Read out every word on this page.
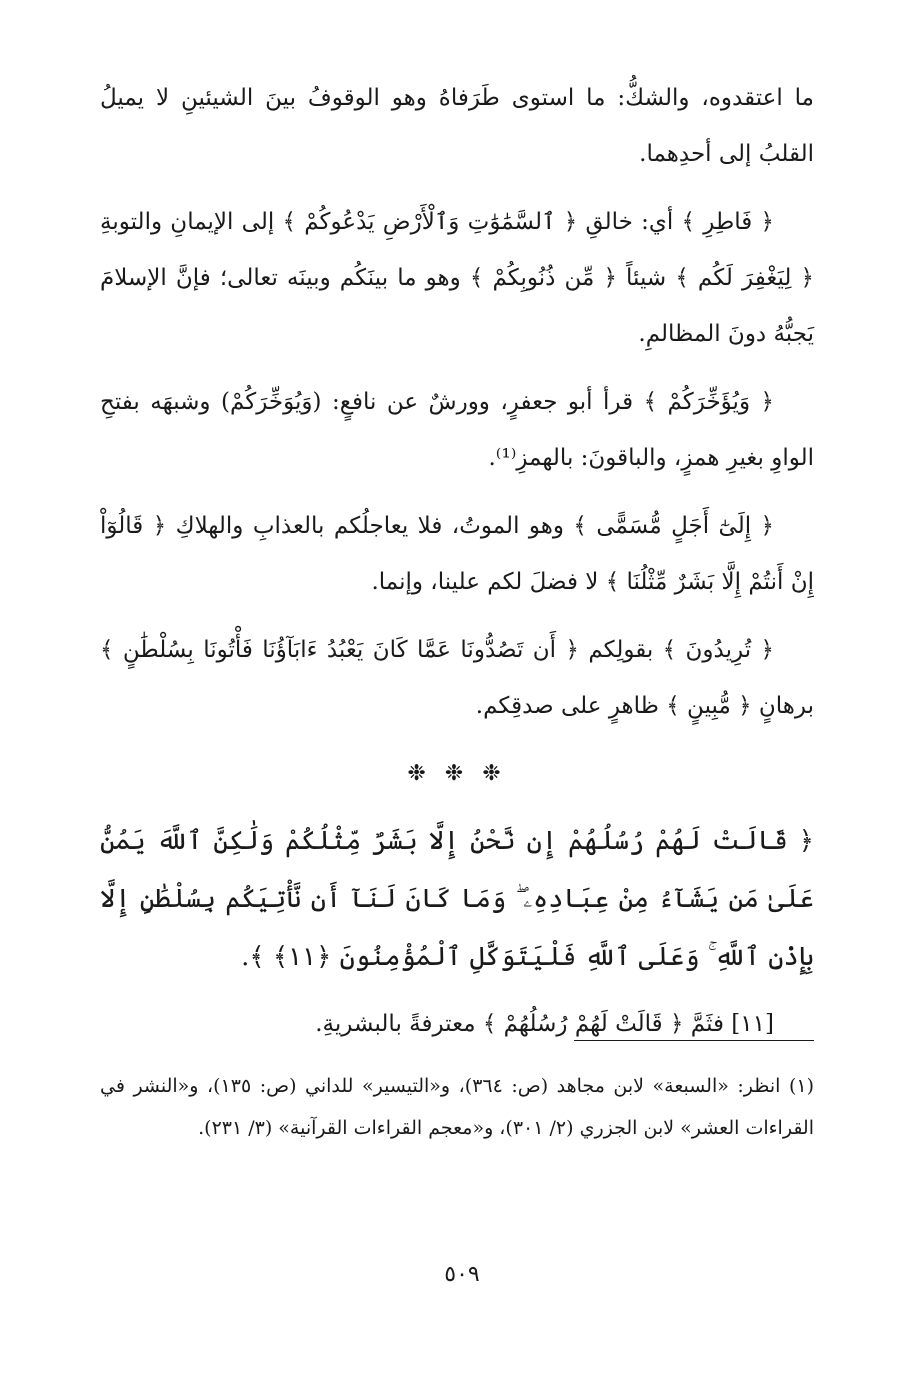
ما اعتقدوه، والشكُّ: ما استوى طَرَفاهُ وهو الوقوفُ بينَ الشيئينِ لا يميلُ القلبُ إلى أحدِهما.

﴿ فَاطِرِ ﴾ أي: خالقِ ﴿ ٱلسَّمَٰوَٰتِ وَٱلْأَرْضِ يَدْعُوكُمْ ﴾ إلى الإيمانِ والتوبةِ ﴿ لِيَغْفِرَ لَكُم ﴾ شيئاً ﴿ مِّن ذُنُوبِكُمْ ﴾ وهو ما بينَكُم وبينَه تعالى؛ فإنَّ الإسلامَ يَجبُّهُ دونَ المظالمِ.

﴿ وَيُؤَخِّرَكُمْ ﴾ قرأ أبو جعفرٍ، وورشٌ عن نافعٍ: (وَيُوَخِّرَكُمْ) وشبهَه بفتحِ الواوِ بغيرِ همزٍ، والباقونَ: بالهمزِ⁽¹⁾.

﴿ إِلَىٰٓ أَجَلٍ مُّسَمًّى ﴾ وهو الموتُ، فلا يعاجلُكم بالعذابِ والهلاكِ ﴿ قَالُوٓاْ إِنْ أَنتُمْ إِلَّا بَشَرٌ مِّثْلُنَا ﴾ لا فضلَ لكم علينا، وإنما.

﴿ تُرِيدُونَ ﴾ بقولِكم ﴿ أَن تَصُدُّونَا عَمَّا كَانَ يَعْبُدُ ءَابَآؤُنَا فَأْتُونَا بِسُلْطَٰنٍ ﴾ برهانٍ ﴿ مُّبِينٍ ﴾ ظاهرٍ على صدقِكم.

❉ ❉ ❉

﴿ قَالَتْ لَهُمْ رُسُلُهُمْ إِن نَّحْنُ إِلَّا بَشَرٌ مِّثْلُكُمْ وَلَٰكِنَّ ٱللَّهَ يَمُنُّ عَلَىٰ مَن يَشَآءُ مِنْ عِبَادِهِۦ ۖ وَمَا كَانَ لَنَآ أَن نَّأْتِيَكُم بِسُلْطَٰنٍ إِلَّا بِإِذْنِ ٱللَّهِ ۚ وَعَلَى ٱللَّهِ فَلْيَتَوَكَّلِ ٱلْمُؤْمِنُونَ ﴿١١﴾ ﴾.

[١١] فثَمَّ ﴿ قَالَتْ لَهُمْ رُسُلُهُمْ ﴾ معترفةً بالبشريةِ.

(١) انظر: «السبعة» لابن مجاهد (ص: ٣٦٤)، و«التيسير» للداني (ص: ١٣٥)، و«النشر في القراءات العشر» لابن الجزري (٢/ ٣٠١)، و«معجم القراءات القرآنية» (٣/ ٢٣١).

٥٠٩
